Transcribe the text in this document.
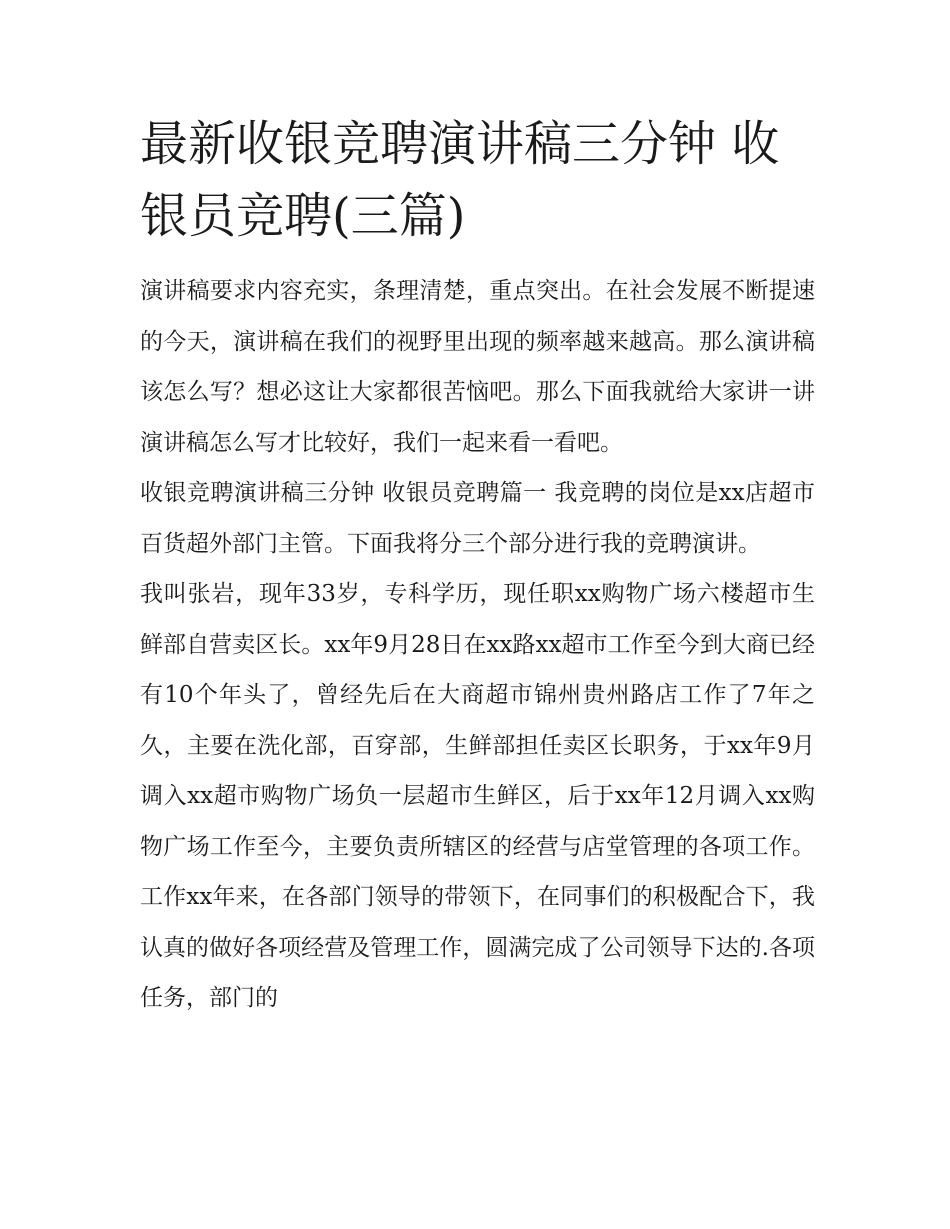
最新收银竞聘演讲稿三分钟 收银员竞聘(三篇)

演讲稿要求内容充实，条理清楚，重点突出。在社会发展不断提速的今天，演讲稿在我们的视野里出现的频率越来越高。那么演讲稿该怎么写？想必这让大家都很苦恼吧。那么下面我就给大家讲一讲演讲稿怎么写才比较好，我们一起来看一看吧。

收银竞聘演讲稿三分钟 收银员竞聘篇一 我竞聘的岗位是xx店超市百货超外部门主管。下面我将分三个部分进行我的竞聘演讲。

我叫张岩，现年33岁，专科学历，现任职xx购物广场六楼超市生鲜部自营卖区长。xx年9月28日在xx路xx超市工作至今到大商已经有10个年头了，曾经先后在大商超市锦州贵州路店工作了7年之久，主要在洗化部，百穿部，生鲜部担任卖区长职务，于xx年9月调入xx超市购物广场负一层超市生鲜区，后于xx年12月调入xx购物广场工作至今，主要负责所辖区的经营与店堂管理的各项工作。工作xx年来，在各部门领导的带领下，在同事们的积极配合下，我认真的做好各项经营及管理工作，圆满完成了公司领导下达的.各项任务，部门的
